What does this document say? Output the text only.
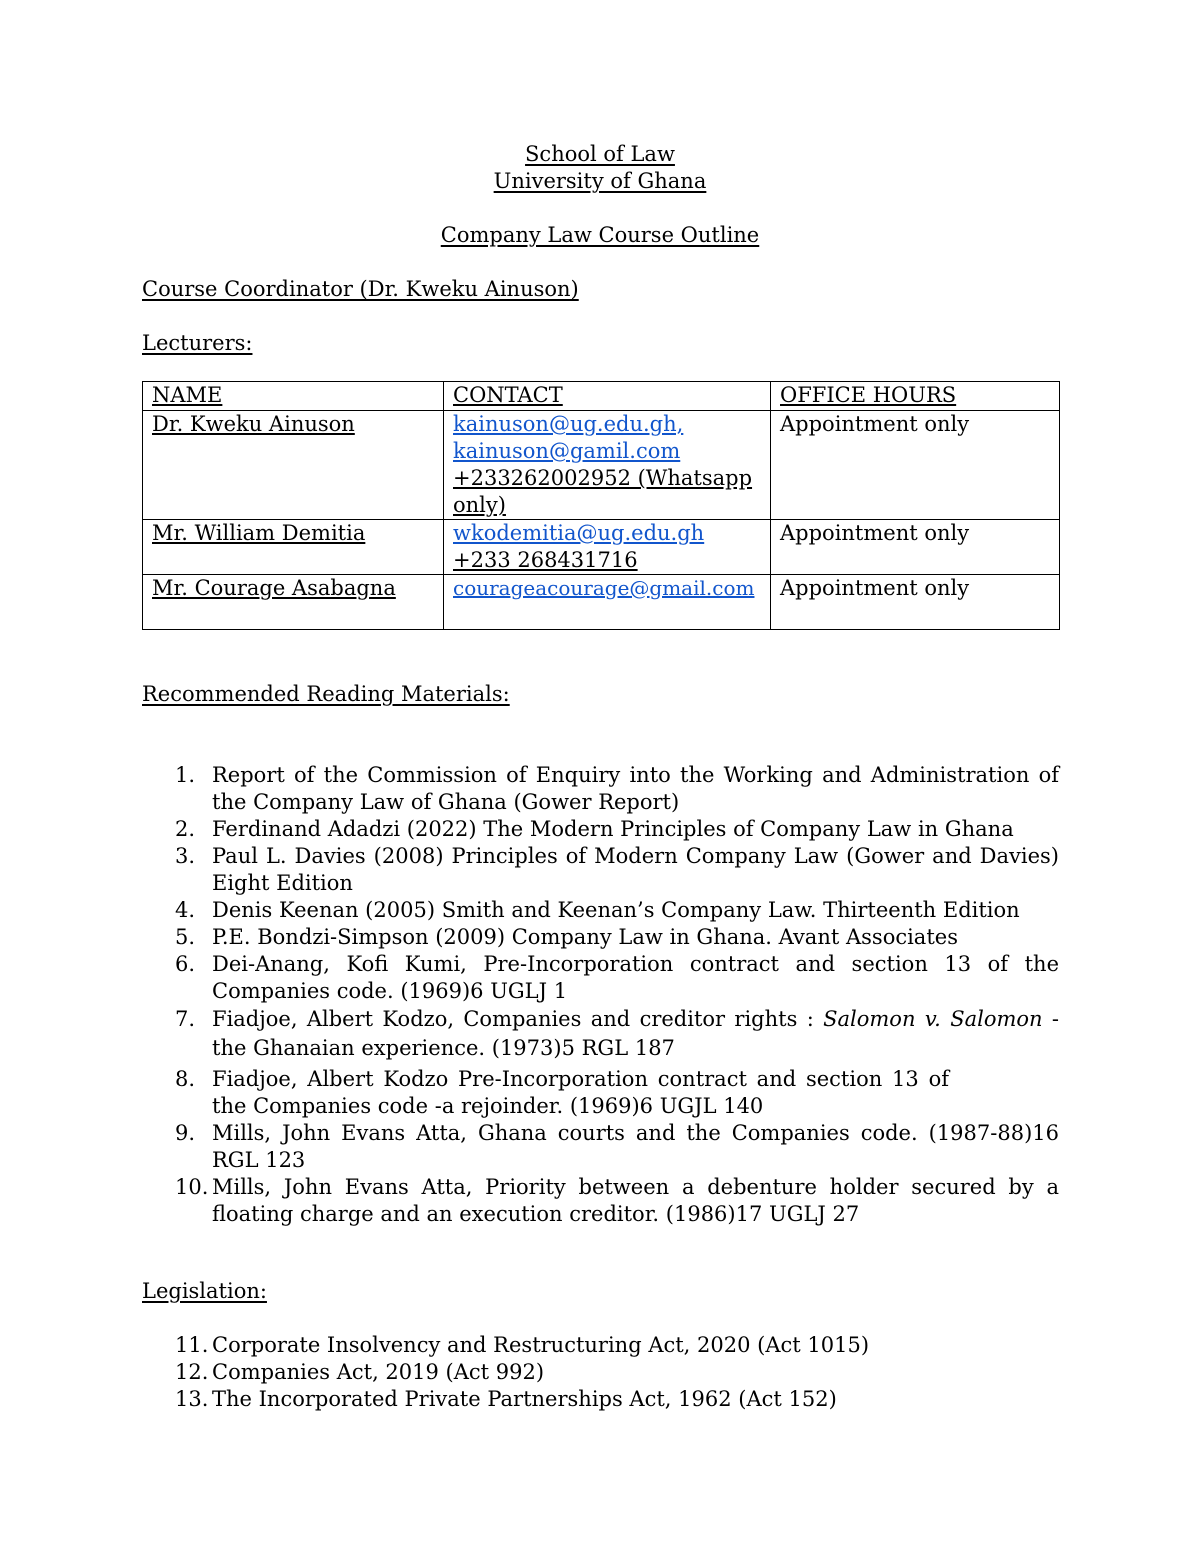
School of Law
University of Ghana
Company Law Course Outline
Course Coordinator (Dr. Kweku Ainuson)
Lecturers:
NAME	CONTACT	OFFICE HOURS

Dr. Kweku Ainuson	kainuson@ug.edu.gh,
kainuson@gamil.com
+233262002952 (Whatsapp only)	Appointment only

Mr. William Demitia	wkodemitia@ug.edu.gh
+233 268431716	Appointment only

Mr. Courage Asabagna	courageacourage@gmail.com	Appointment only
Recommended Reading Materials:
1. Report of the Commission of Enquiry into the Working and Administration of the Company Law of Ghana (Gower Report)
2. Ferdinand Adadzi (2022) The Modern Principles of Company Law in Ghana
3. Paul L. Davies (2008) Principles of Modern Company Law (Gower and Davies) Eight Edition
4. Denis Keenan (2005) Smith and Keenan’s Company Law. Thirteenth Edition
5. P.E. Bondzi-Simpson (2009) Company Law in Ghana. Avant Associates
6. Dei-Anang, Kofi Kumi, Pre-Incorporation contract and section 13 of the Companies code. (1969)6 UGLJ 1
7. Fiadjoe, Albert Kodzo, Companies and creditor rights : Salomon v. Salomon - the Ghanaian experience. (1973)5 RGL 187
8. Fiadjoe, Albert Kodzo Pre-Incorporation contract and section 13 of the Companies code -a rejoinder. (1969)6 UGJL 140
9. Mills, John Evans Atta, Ghana courts and the Companies code. (1987-88)16 RGL 123
10. Mills, John Evans Atta, Priority between a debenture holder secured by a floating charge and an execution creditor. (1986)17 UGLJ 27
Legislation:
11. Corporate Insolvency and Restructuring Act, 2020 (Act 1015)
12. Companies Act, 2019 (Act 992)
13. The Incorporated Private Partnerships Act, 1962 (Act 152)
